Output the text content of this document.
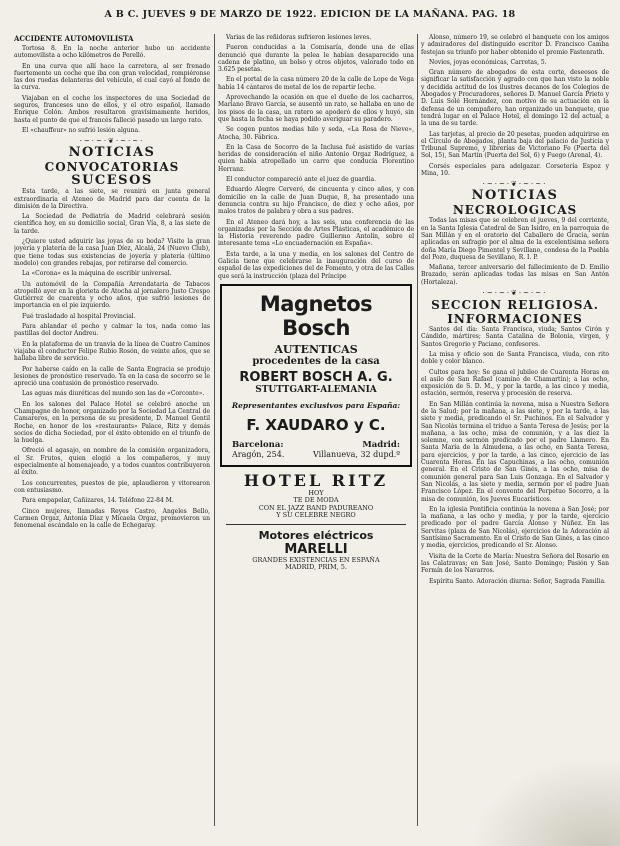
A B C. JUEVES 9 DE MARZO DE 1922. EDICION DE LA MAÑANA. PAG. 18
ACCIDENTE AUTOMOVILISTA

Tortosa 8. En la noche anterior hubo un accidente automovilista a ocho kilómetros de Perelló.

En una curva que allí hace la carretera, al ser frenado fuertemente un coche que iba con gran velocidad, rompiéronse las dos ruedas delanteras del vehículo, el cual cayó al fondo de la curva.

Viajaban en el coche los inspectores de una Sociedad de seguros, franceses uno de ellos, y el otro español, llamado Enrique Colón. Ambos resultaron gravísimamente heridos, hasta el punto de que el francés falleció pasado un largo rato.

El «chauffeur» no sufrió lesión alguna.

·~·~·❦·~·~·
NOTICIAS
CONVOCATORIAS
SUCESOS

Esta tarde, a las siete, se reunirá en junta general extraordinaria el Ateneo de Madrid para dar cuenta de la dimisión de la Directiva.

La Sociedad de Pediatría de Madrid celebrará sesión científica hoy, en su domicilio social, Gran Vía, 8, a las siete de la tarde.

¿Quiere usted adquirir las joyas de su boda? Visite la gran joyería y platería de la casa Juan Díez, Alcalá, 24 (Nuevo Club), que tiene todas sus existencias de joyería y platería (último modelo) con grandes rebajas, por retirarse del comercio.

La «Corona» es la máquina de escribir universal.

Un automóvil de la Compañía Arrendataria de Tabacos atropelló ayer en la glorieta de Atocha al jornalero Justo Crespo Gutiérrez de cuarenta y ocho años, que sufrió lesiones de importancia en el pie izquierdo.

Fué trasladado al hospital Provincial.

Para ablandar el pecho y calmar la tos, nada como las pastillas del doctor Andreu.

En la plataforma de un tranvía de la línea de Cuatro Caminos viajaba el conductor Felipe Rubio Rosón, de veinte años, que se hallaba libre de servicio.

Por haberse caído en la calle de Santa Engracia se produjo lesiones de pronóstico reservado. Ya en la casa de socorro se le apreció una contusión de pronóstico reservado.

Las aguas más diuréticas del mundo son las de «Corconte».

En los salones del Palace Hotel se celebró anoche un Champagne de honor, organizado por la Sociedad La Central de Camareros, en la persona de su presidente, D. Manuel Gentil Roche, en honor de los «restaurants» Palace, Ritz y demás socios de dicha Sociedad, por el éxito obtenido en el triunfo de la huelga.

Ofreció el agasajo, en nombre de la comisión organizadora, el Sr. Frutos, quien elogió a los compañeros, y muy especialmente al homenajeado, y a todos cuantos contribuyeron al éxito.

Los concurrentes, puestos de pie, aplaudieron y vitorearon con entusiasmo.

Para empapelar, Cañizares, 14. Teléfono 22-84 M.

Cinco mujeres, llamadas Reyes Castro, Angeles Bello, Carmen Orgaz, Antonia Díaz y Micaela Orgaz, promovieron un fenomenal escándalo en la calle de Echegaray.

Varias de las reñidoras sufrieron lesiones leves.

Fueron conducidas a la Comisaría, donde una de ellas denunció que durante la pelea le habían desaparecido una cadena de platino, un bolso y otros objetos, valorado todo en 3.625 pesetas.

En el portal de la casa número 20 de la calle de Lope de Vega había 14 cántaros de metal de los de repartir leche.

Aprovechando la ocasión en que el dueño de los cacharros, Mariano Bravo García, se ausentó un rato, se hallaba en uno de los pisos de la casa, un ratero se apoderó de ellos y huyó, sin que hasta la fecha se haya podido averiguar su paradero.

Se cogen puntos medias hilo y seda, «La Rosa de Nieve», Atocha, 30. Fábrica.

En la Casa de Socorro de la Inclusa fué asistido de varias heridas de consideración el niño Antonio Orgaz Rodríguez, a quien había atropellado un carro que conducía Florentino Herranz.

El conductor compareció ante el juez de guardia.

Eduardo Alegre Cerveró, de cincuenta y cinco años, y con domicilio en la calle de Juan Duque, 8, ha presentado una denuncia contra su hijo Francisco, de diez y ocho años, por malos tratos de palabra y obra a sus padres.

En el Ateneo dará hoy, a las seis, una conferencia de las organizadas por la Sección de Artes Plásticas, el académico de la Historia reverendo padre Guillermo Antolín, sobre el interesante tema «Lo encuadernación en España».

Esta tarde, a la una y media, en los salones del Centro de Galicia tiene que celebrarse la inauguración del curso de español de las expediciones del de Fomento, y otra de las Calles que será la instrucción (plaza del Príncipe

Magnetos Bosch
AUTENTICAS
procedentes de la casa
ROBERT BOSCH A. G.
STUTTGART-ALEMANIA
Representantes exclusivos para España:
F. XAUDARO y C.
Barcelona:	Madrid:
Aragón, 254.	Villanueva, 32 dupd.º
HOTEL RITZ
HOY
TE DE MODA
CON EL JAZZ BAND PADUREANO
Y SU CELEBRE NEGRO
Motores eléctricos
MARELLI
GRANDES EXISTENCIAS EN ESPAÑA
MADRID, PRIM, 5.

Alonso, número 19, se celebró el banquete con los amigos y admiradores del distinguido escritor D. Francisco Camba festejan su triunfo por haber obtenido el premio Fastenrath.

Novios, joyas económicas, Carretas, 5.

Gran número de abogados de esta corte, deseosos de significar la satisfacción y agrado con que han visto la noble y decidida actitud de los ilustres decanos de los Colegios de Abogados y Procuradores, señores D. Manuel García Prieto y D. Luis Solé Hernández, con motivo de su actuación en la defensa de un compañero, han organizado un banquete, que tendrá lugar en el Palace Hotel, el domingo 12 del actual, a la una de su tarde.

Las tarjetas, al precio de 20 pesetas, pueden adquirirse en el Círculo de Abogados, planta baja del palacio de Justicia y Tribunal Supremo, y librerías de Victoriano Fe (Puerta del Sol, 15), San Martín (Puerta del Sol, 6) y Fuego (Arenal, 4).

Corsés especiales para adelgazar. Corsetería Espoz y Mina, 10.

·~·~·❦·~·~·
NOTICIAS
NECROLOGICAS

Todas las misas que se celebren el jueves, 9 del corriente, en la Santa Iglesia Catedral de San Isidro, en la parroquia de San Millán y en el oratorio del Caballero de Gracia, serán aplicadas en sufragio por el alma de la excelentísima señora doña María Diego Pimentel y Sevillano, condesa de la Puebla del Pozo, duquesa de Sevillano, R. I. P.

Mañana, tercer aniversario del fallecimiento de D. Emilio Brazado, serán aplicadas todas las misas en San Antón (Hortaleza).

·~·~·❦·~·~·
SECCION RELIGIOSA.
INFORMACIONES

Santos del día: Santa Francisca, viuda; Santos Cirón y Cándido, mártires; Santa Catalina de Bolonia, virgen, y Santos Gregorio y Paciano, confesores.

La misa y oficio son de Santa Francisca, viuda, con rito doble y color blanco.

Cultos para hoy: Se gana el jubileo de Cuarenta Horas en el asilo de San Rafael (camino de Chamartín); a las ocho, exposición de S. D. M., y por la tarde, a las cinco y media, estación, sermón, reserva y procesión de reserva.

En San Millán continúa la novena, misa a Nuestra Señora de la Salud; por la mañana, a las siete, y por la tarde, a las siete y media, predicando el Sr. Puchinos. En el Salvador y San Nicolás termina el triduo a Santa Teresa de Jesús; por la mañana, a las ocho, misa de comunión, y a las diez la solemne, con sermón predicado por el padre Llamero. En Santa María de la Almudena, a las ocho, en Santa Teresa, para ejercicios, y por la tarde, a las cinco, ejercicio de las Cuarenta Horas. En las Capuchinas, a las ocho, comunión general. En el Cristo de San Ginés, a las ocho, misa de comunión general para San Luis Gonzaga. En el Salvador y San Nicolás, a las siete y media, sermón por el padre Juan Francisco López. En el convento del Perpetuo Socorro, a la misa de comunión, los Jueves Eucarísticos.

En la iglesia Pontificia continúa la novena a San José; por la mañana, a las ocho y media, y por la tarde, ejercicio predicado por el padre García Alonso y Núñez. En las Servitas (plaza de San Nicolás), ejercicios de la Adoración al Santísimo Sacramento. En el Cristo de San Ginés, a las cinco y media, ejercicios, predicando el Sr. Alonso.

Visita de la Corte de María: Nuestra Señora del Rosario en las Calatravas; en San José, Santo Domingo; Pasión y San Fermín de los Navarros.

Espíritu Santo. Adoración diurna: Señor, Sagrada Familia.
